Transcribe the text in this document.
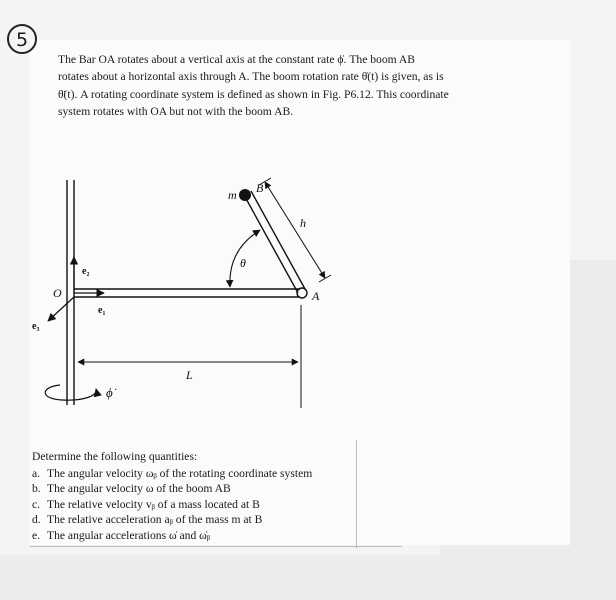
5

The Bar OA rotates about a vertical axis at the constant rate ϕ̇. The boom AB

rotates about a horizontal axis through A. The boom rotation rate θ̇(t) is given, as is

θ̈(t). A rotating coordinate system is defined as shown in Fig. P6.12. This coordinate

system rotates with OA but not with the boom AB.

e₂
e₁
e₃
O	A
B
m
h
θ
L
ϕ̇

Determine the following quantities:

a. The angular velocity ωᵦ of the rotating coordinate system
b. The angular velocity ω of the boom AB
c. The relative velocity vᵦ of a mass located at B
d. The relative acceleration aᵦ of the mass m at B
e. The angular accelerations ω̇ and ω̇ᵦ
